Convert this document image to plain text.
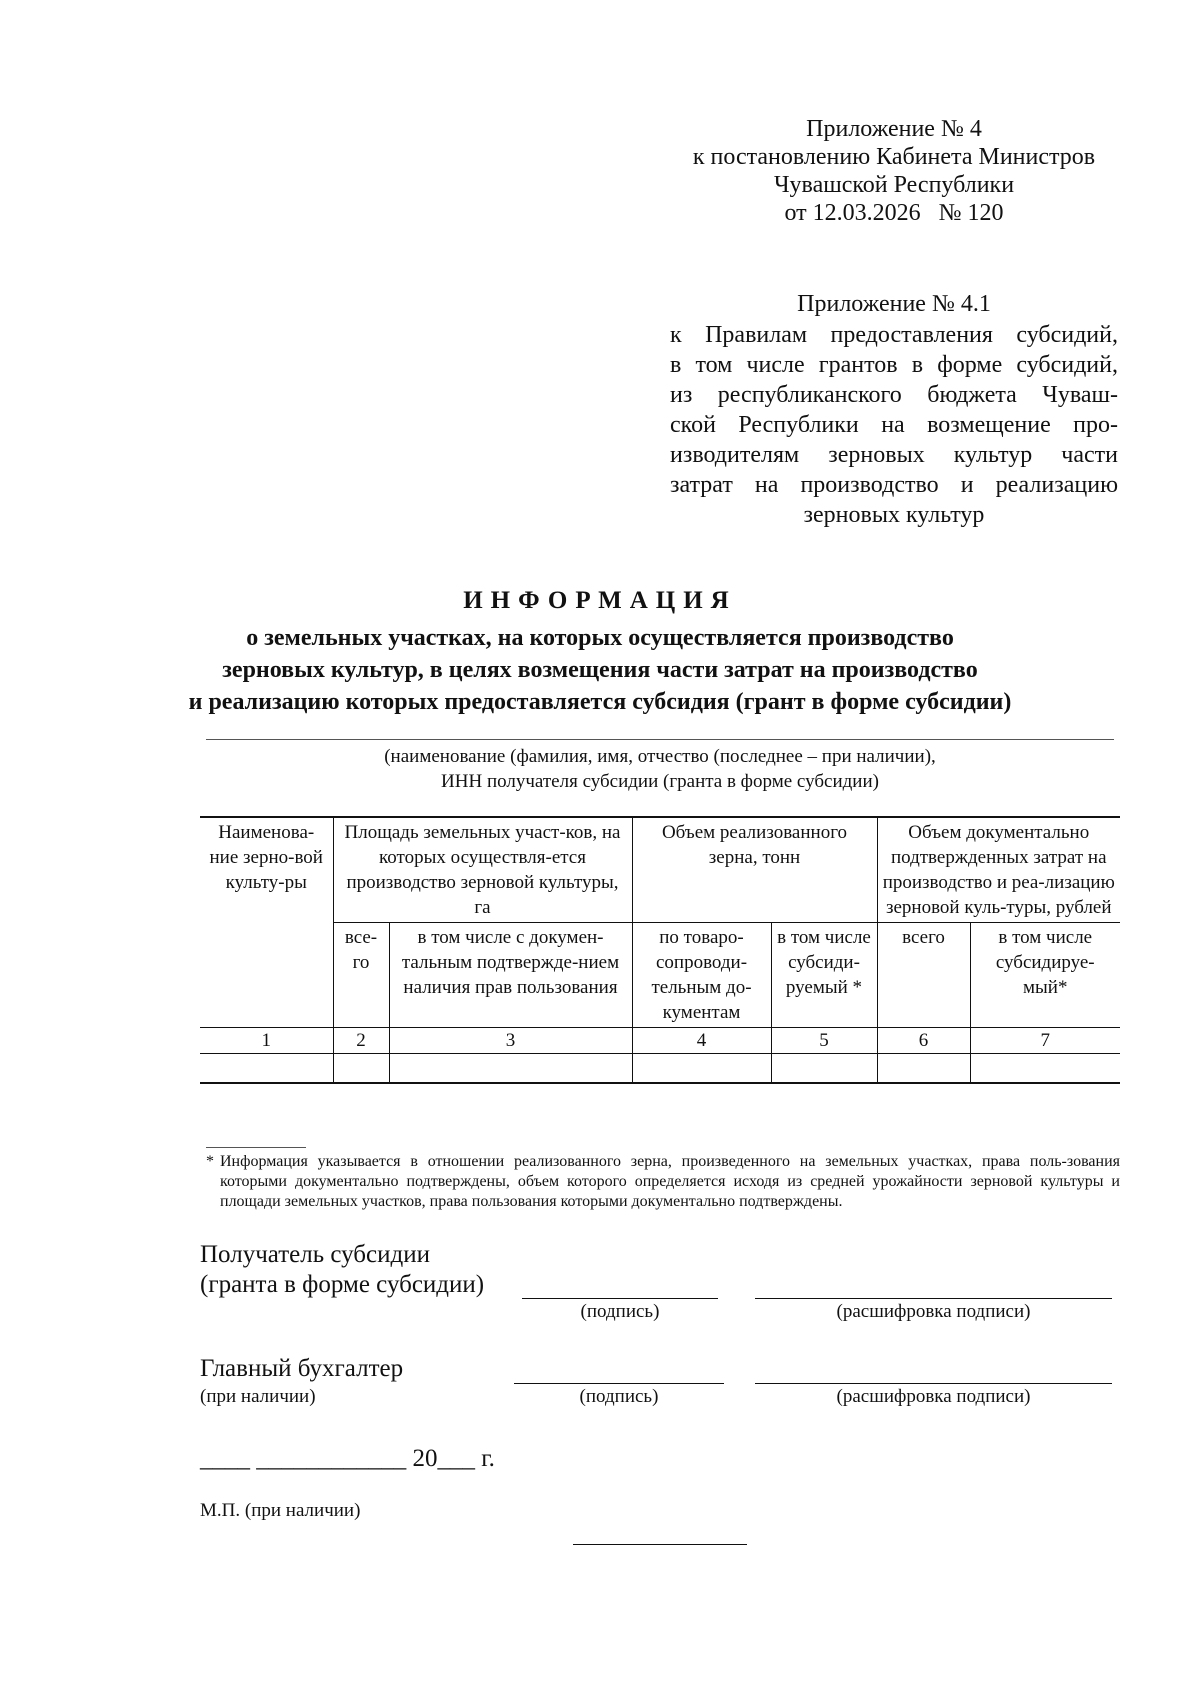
Приложение № 4
к постановлению Кабинета Министров
Чувашской Республики
от 12.03.2026   № 120
Приложение № 4.1
к Правилам предоставления субсидий,
в том числе грантов в форме субсидий,
из республиканского бюджета Чуваш-
ской Республики на возмещение про-
изводителям зерновых культур части
затрат на производство и реализацию
зерновых культур
ИНФОРМАЦИЯ
о земельных участках, на которых осуществляется производство
зерновых культур, в целях возмещения части затрат на производство
и реализацию которых предоставляется субсидия (грант в форме субсидии)
(наименование (фамилия, имя, отчество (последнее – при наличии),
ИНН получателя субсидии (гранта в форме субсидии)
Наименова-ние зерно-вой культу-ры	Площадь земельных участ-ков, на которых осуществля-ется производство зерновой культуры, га		Объем реализованного зерна, тонн		Объем документально подтвержденных затрат на производство и реа-лизацию зерновой куль-туры, рублей	
	все-го	в том числе с докумен-тальным подтвержде-нием наличия прав пользования	по товаро-сопроводи-тельным до-кументам	в том числе субсиди-руемый *	всего	в том числе субсидируе-мый*
1	2	3	4	5	6	7

* Информация указывается в отношении реализованного зерна, произведенного на земельных участках, права поль-зования которыми документально подтверждены, объем которого определяется исходя из средней урожайности зерновой культуры и площади земельных участков, права пользования которыми документально подтверждены.
Получатель субсидии
(гранта в форме субсидии)
(подпись)	(расшифровка подписи)
Главный бухгалтер
(при наличии)	(подпись)	(расшифровка подписи)
____ ____________ 20___ г.
М.П. (при наличии)
